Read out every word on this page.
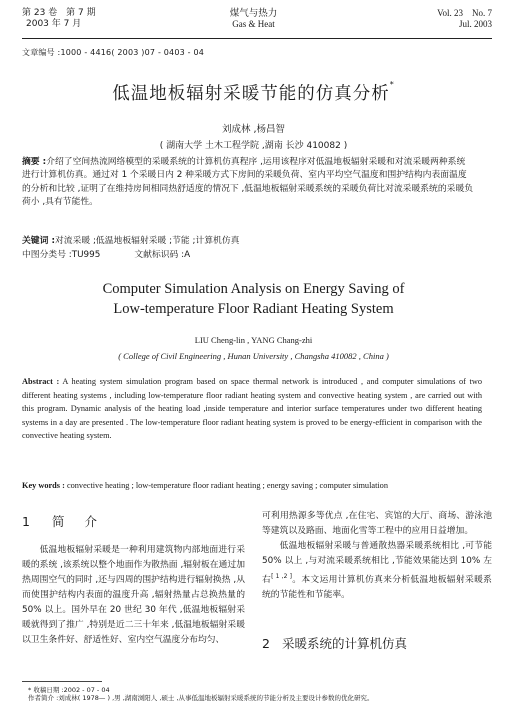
第 23 卷　第 7 期
2003 年 7 月
煤气与热力
Gas & Heat
Vol. 23　No. 7
Jul. 2003
文章编号 :1000 - 4416( 2003 )07 - 0403 - 04
低温地板辐射采暖节能的仿真分析*
刘成林 ,杨昌智
( 湖南大学 土木工程学院 ,湖南 长沙 410082 )
摘要 :介绍了空间热流网络模型的采暖系统的计算机仿真程序 ,运用该程序对低温地板辐射采暖和对流采暖两种系统进行计算机仿真。通过对 1 个采暖日内 2 种采暖方式下房间的采暖负荷、室内平均空气温度和围护结构内表面温度的分析和比较 ,证明了在维持房间相同热舒适度的情况下 ,低温地板辐射采暖系统的采暖负荷比对流采暖系统的采暖负荷小 ,具有节能性。
关键词 :对流采暖 ;低温地板辐射采暖 ;节能 ;计算机仿真
中图分类号 :TU995	文献标识码 :A
Computer Simulation Analysis on Energy Saving of
Low-temperature Floor Radiant Heating System
LIU Cheng-lin , YANG Chang-zhi
( College of Civil Engineering , Hunan University , Changsha 410082 , China )
Abstract : A heating system simulation program based on space thermal network is introduced , and computer simulations of two different heating systems , including low-temperature floor radiant heating system and convective heating system , are carried out with this program. Dynamic analysis of the heating load ,inside temperature and interior surface temperatures under two different heating systems in a day are presented . The low-temperature floor radiant heating system is proved to be energy-efficient in comparison with the convective heating system.
Key words : convective heating ; low-temperature floor radiant heating ; energy saving ; computer simulation
1 简介
低温地板辐射采暖是一种利用建筑物内部地面进行采暖的系统 ,该系统以整个地面作为散热面 ,辐射板在通过加热周围空气的同时 ,还与四周的围护结构进行辐射换热 ,从而使围护结构内表面的温度升高 ,辐射热量占总换热量的 50% 以上。国外早在 20 世纪 30 年代 ,低温地板辐射采暖就得到了推广 ,特别是近二三十年来 ,低温地板辐射采暖以卫生条件好、舒适性好、室内空气温度分布均匀、
可利用热源多等优点 ,在住宅、宾馆的大厅、商场、游泳池等建筑以及路面、地面化雪等工程中的应用日益增加。
低温地板辐射采暖与普通散热器采暖系统相比 ,可节能 50% 以上 ,与对流采暖系统相比 ,节能效果能达到 10% 左右[ 1 ,2 ]。本文运用计算机仿真来分析低温地板辐射采暖系统的节能性和节能率。
2 采暖系统的计算机仿真
* 收稿日期 :2002 - 07 - 04
作者简介 :刘成林( 1978— ) ,男 ,湖南浏阳人 ,硕士 ,从事低温地板辐射采暖系统的节能分析及主要设计参数的优化研究。
